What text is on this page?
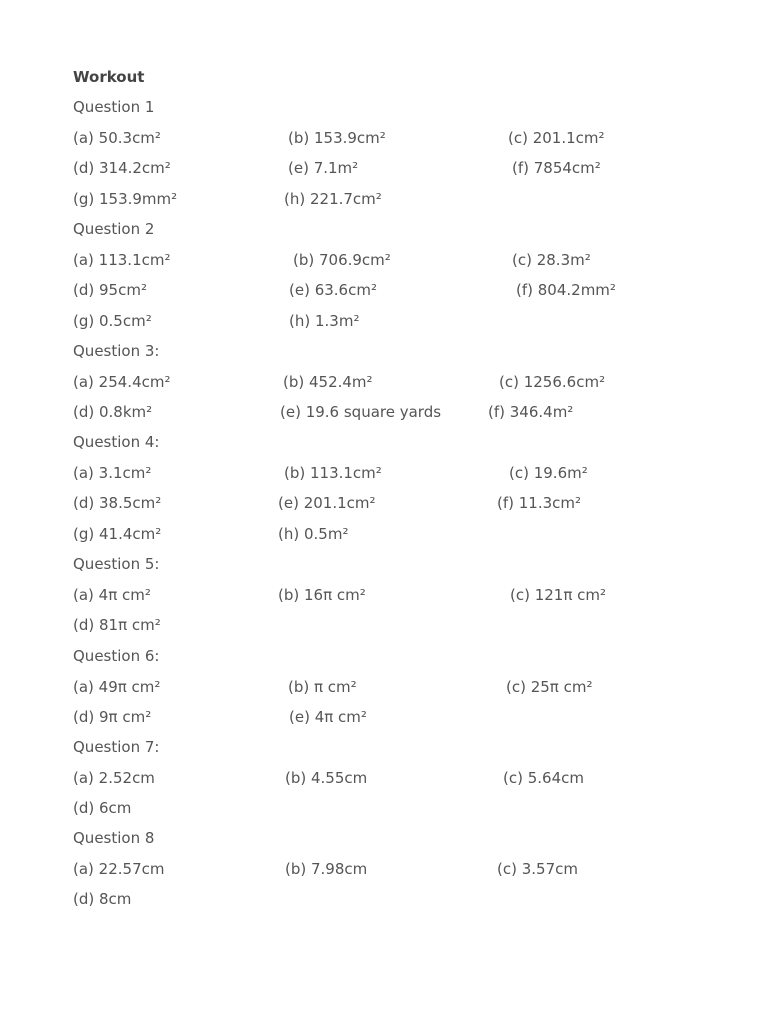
Workout
Question 1
(a) 50.3cm²	(b) 153.9cm²	(c) 201.1cm²
(d) 314.2cm²	(e) 7.1m²	(f) 7854cm²
(g) 153.9mm²	(h) 221.7cm²
Question 2
(a) 113.1cm²	(b) 706.9cm²	(c) 28.3m²
(d) 95cm²	(e) 63.6cm²	(f) 804.2mm²
(g) 0.5cm²	(h) 1.3m²
Question 3:
(a) 254.4cm²	(b) 452.4m²	(c) 1256.6cm²
(d) 0.8km²	(e) 19.6 square yards	(f) 346.4m²
Question 4:
(a) 3.1cm²	(b) 113.1cm²	(c) 19.6m²
(d) 38.5cm²	(e) 201.1cm²	(f) 11.3cm²
(g) 41.4cm²	(h) 0.5m²
Question 5:
(a) 4π cm²	(b) 16π cm²	(c) 121π cm²
(d) 81π cm²
Question 6:
(a) 49π cm²	(b) π cm²	(c) 25π cm²
(d) 9π cm²	(e) 4π cm²
Question 7:
(a) 2.52cm	(b) 4.55cm	(c) 5.64cm
(d) 6cm
Question 8
(a) 22.57cm	(b) 7.98cm	(c) 3.57cm
(d) 8cm
